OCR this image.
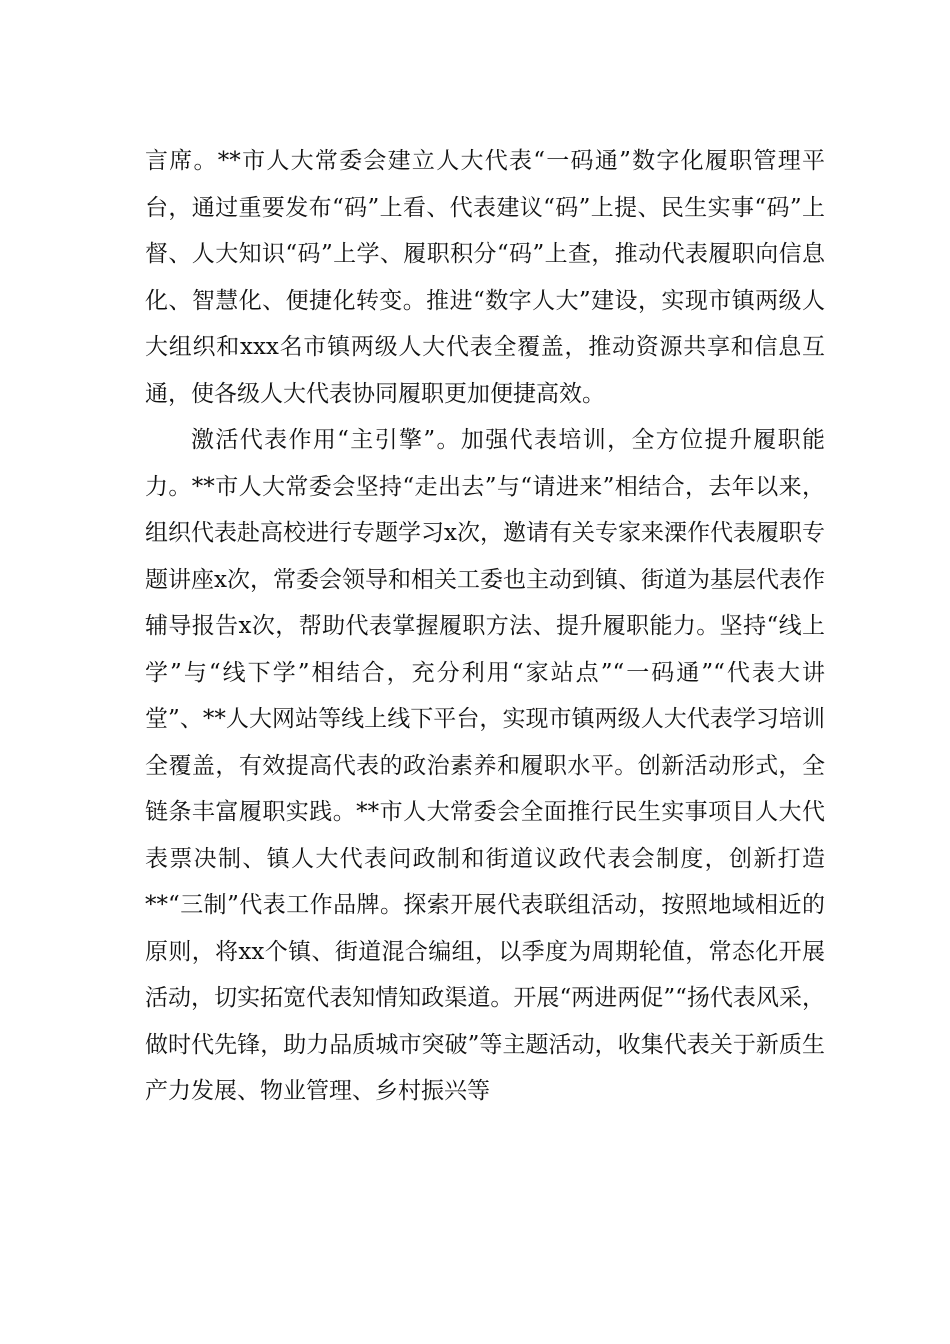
言席。**市人大常委会建立人大代表“一码通”数字化履职管理平台，通过重要发布“码”上看、代表建议“码”上提、民生实事“码”上督、人大知识“码”上学、履职积分“码”上查，推动代表履职向信息化、智慧化、便捷化转变。推进“数字人大”建设，实现市镇两级人大组织和xxx名市镇两级人大代表全覆盖，推动资源共享和信息互通，使各级人大代表协同履职更加便捷高效。

激活代表作用“主引擎”。加强代表培训，全方位提升履职能力。**市人大常委会坚持“走出去”与“请进来”相结合，去年以来，组织代表赴高校进行专题学习x次，邀请有关专家来溧作代表履职专题讲座x次，常委会领导和相关工委也主动到镇、街道为基层代表作辅导报告x次，帮助代表掌握履职方法、提升履职能力。坚持“线上学”与“线下学”相结合，充分利用“家站点”“一码通”“代表大讲堂”、**人大网站等线上线下平台，实现市镇两级人大代表学习培训全覆盖，有效提高代表的政治素养和履职水平。创新活动形式，全链条丰富履职实践。**市人大常委会全面推行民生实事项目人大代表票决制、镇人大代表问政制和街道议政代表会制度，创新打造**“三制”代表工作品牌。探索开展代表联组活动，按照地域相近的原则，将xx个镇、街道混合编组，以季度为周期轮值，常态化开展活动，切实拓宽代表知情知政渠道。开展“两进两促”“扬代表风采，做时代先锋，助力品质城市突破”等主题活动，收集代表关于新质生产力发展、物业管理、乡村振兴等
